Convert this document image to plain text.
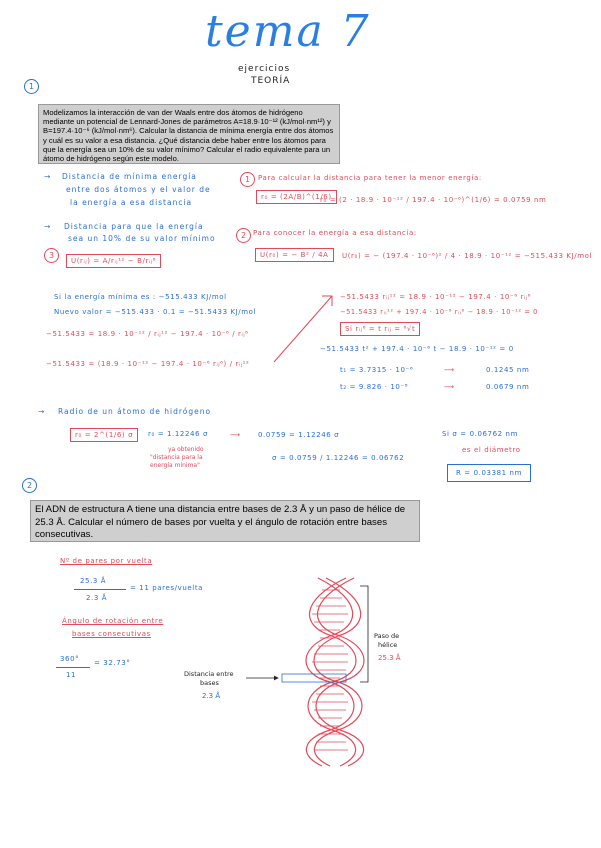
tema 7
ejercicios
TEORÍA
1
Modelizamos la interacción de van der Waals entre dos átomos de hidrógeno mediante un potencial de Lennard-Jones de parámetros A=18.9·10⁻¹² (kJ/mol·nm¹²) y B=197.4·10⁻⁶ (kJ/mol·nm⁶). Calcular la distancia de mínima energía entre dos átomos y cuál es su valor a esa distancia. ¿Qué distancia debe haber entre los átomos para que la energía sea un 10% de su valor mínimo? Calcular el radio equivalente para un átomo de hidrógeno según este modelo.
→ Distancia de mínima energía
entre dos átomos y el valor de
la energía a esa distancia
→ Distancia para que la energía
sea un 10% de su valor mínimo
1	Para calcular la distancia para tener la menor energía:
r₀ = (2A/B)^(1/6)
r₀ = (2 · 18.9 · 10⁻¹² / 197.4 · 10⁻⁶)^(1/6) = 0.0759 nm
2 Para conocer la energía a esa distancia:
U(r₀) = − B² / 4A	U(r₀) = − (197.4 · 10⁻⁶)² / 4 · 18.9 · 10⁻¹² = −515.433 KJ/mol
3
U(rᵢⱼ) = A/rᵢⱼ¹² − B/rᵢⱼ⁶
Si la energía mínima es : −515.433 KJ/mol
Nuevo valor = −515.433 · 0.1 = −51.5433 KJ/mol
−51.5433 = 18.9 · 10⁻¹² / rᵢⱼ¹² − 197.4 · 10⁻⁶ / rᵢⱼ⁶
−51.5433 = (18.9 · 10⁻¹² − 197.4 · 10⁻⁶ rᵢⱼ⁶) / rᵢⱼ¹²
−51.5433 rᵢⱼ¹² = 18.9 · 10⁻¹² − 197.4 · 10⁻⁶ rᵢⱼ⁶
−51.5433 rᵢⱼ¹² + 197.4 · 10⁻⁶ rᵢⱼ⁶ − 18.9 · 10⁻¹² = 0
Si rᵢⱼ⁶ = t rᵢⱼ = ⁶√t
−51.5433 t² + 197.4 · 10⁻⁶ t − 18.9 · 10⁻¹² = 0
t₁ = 3.7315 · 10⁻⁶	⟶	0.1245 nm
t₂ = 9.826 · 10⁻⁸	⟶	0.0679 nm
→ Radio de un átomo de hidrógeno
r₀ = 2^(1/6) σ	r₀ = 1.12246 σ
ya obtenido
"distancia para la
energía mínima"
⟶ 0.0759 = 1.12246 σ
σ = 0.0759 / 1.12246 = 0.06762
Si σ = 0.06762 nm
es el diámetro
R = 0.03381 nm
2
El ADN de estructura A tiene una distancia entre bases de 2.3 Å y un paso de hélice de 25.3 Å. Calcular el número de bases por vuelta y el ángulo de rotación entre bases consecutivas.
Nº de pares por vuelta
25.3 Å
2.3 Å
= 11 pares/vuelta
Ángulo de rotación entre
bases consecutivas
360°
11
= 32.73°
Distancia entre
bases
2.3 Å
Paso de
hélice
25.3 Å
